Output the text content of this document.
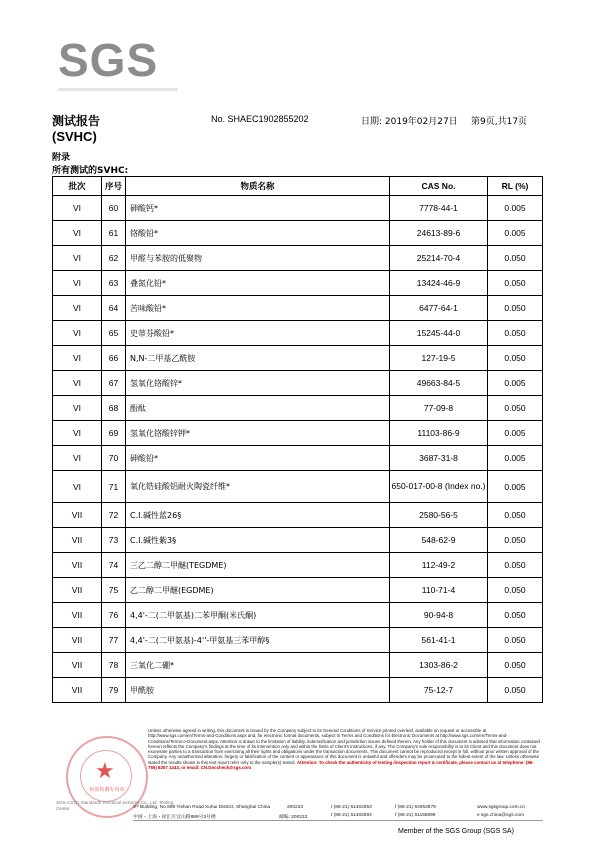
SGS
测试报告
(SVHC)
No. SHAEC1902855202	日期: 2019年02月27日 第9页,共17页
附录
所有测试的SVHC:
批次	序号	物质名称	CAS No.	RL (%)
VI	60	砷酸钙*	7778-44-1	0.005
VI	61	铬酸铅*	24613-89-6	0.005
VI	62	甲醛与苯胺的低聚物	25214-70-4	0.050
VI	63	叠氮化铅*	13424-46-9	0.050
VI	64	苦味酸铅*	6477-64-1	0.050
VI	65	史蒂芬酸铅*	15245-44-0	0.050
VI	66	N,N-二甲基乙酰胺	127-19-5	0.050
VI	67	氢氧化铬酸锌*	49663-84-5	0.005
VI	68	酚酞	77-09-8	0.050
VI	69	氢氧化铬酸锌钾*	11103-86-9	0.005
VI	70	砷酸铅*	3687-31-8	0.005
VI	71	氧化锆硅酸铝耐火陶瓷纤维*	650-017-00-8 (Index no.)	0.005
VII	72	C.I.碱性蓝26§	2580-56-5	0.050
VII	73	C.I.碱性紫3§	548-62-9	0.050
VII	74	三乙二醇二甲醚(TEGDME)	112-49-2	0.050
VII	75	乙二醇二甲醚(EGDME)	110-71-4	0.050
VII	76	4,4'-二(二甲氨基)二苯甲酮(米氏酮)	90-94-8	0.050
VII	77	4,4'-二(二甲氨基)-4''-甲氨基三苯甲醇§	561-41-1	0.050
VII	78	三氧化二硼*	1303-86-2	0.050
VII	79	甲酰胺	75-12-7	0.050
★
检验检测专用章
Unless otherwise agreed in writing, this document is issued by the Company subject to its General Conditions of Service printed overleaf, available on request or accessible at http://www.sgs.com/en/Terms-and-Conditions.aspx and, for electronic format documents, subject to Terms and Conditions for Electronic Documents at http://www.sgs.com/en/Terms-and-Conditions/Terms-e-Document.aspx. Attention is drawn to the limitation of liability, indemnification and jurisdiction issues defined therein. Any holder of this document is advised that information contained hereon reflects the Company's findings at the time of its intervention only and within the limits of Client's instructions, if any. The Company's sole responsibility is to its Client and this document does not exonerate parties to a transaction from exercising all their rights and obligations under the transaction documents. This document cannot be reproduced except in full, without prior written approval of the Company. Any unauthorized alteration, forgery or falsification of the content or appearance of this document is unlawful and offenders may be prosecuted to the fullest extent of the law. Unless otherwise stated the results shown in this test report refer only to the sample(s) tested. Attention: To check the authenticity of testing /inspection report & certificate, please contact us at telephone: (86-755) 8307 1443, or email: CN.Doccheck@sgs.com
SGS-CSTC Standards Technical Services Co., Ltd. Testing Center	3ʳᵈ Building, No.889 Yishan Road Xuhui District, Shanghai China	200233	t (86-21) 61402553	f (86-21) 64953679	www.sgsgroup.com.cn
中国・上海・徐汇区宜山路889号3号楼	邮编: 200233	t (86-21) 61402594	f (86-21) 61156899	e sgs.china@sgs.com
Member of the SGS Group (SGS SA)
